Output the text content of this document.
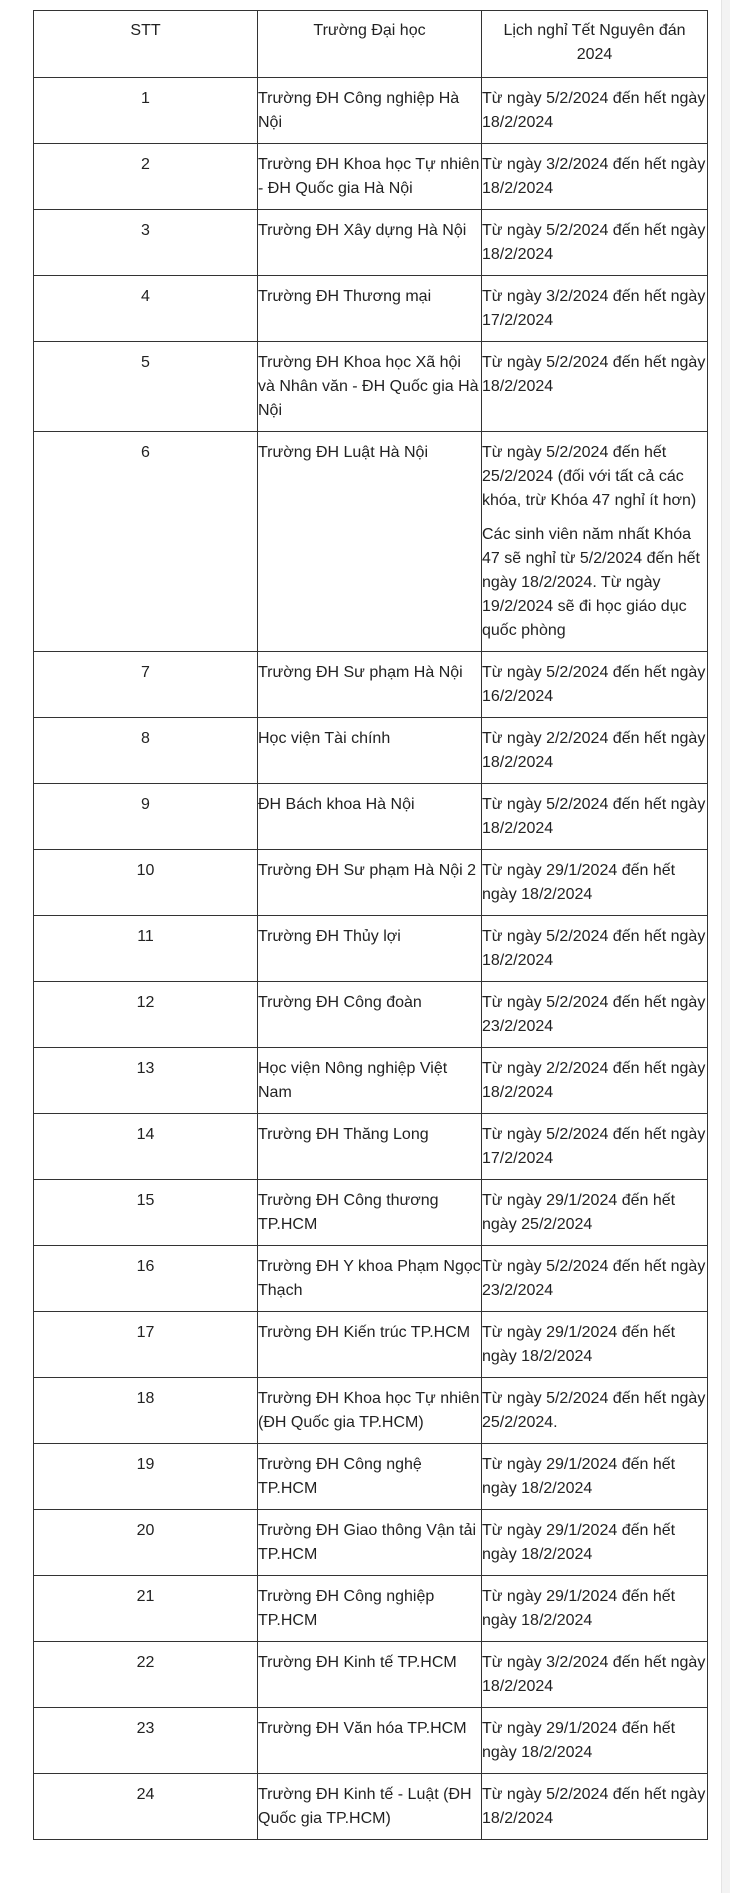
STT	Trường Đại học	Lịch nghỉ Tết Nguyên đán 2024
1	Trường ĐH Công nghiệp Hà Nội	Từ ngày 5/2/2024 đến hết ngày 18/2/2024

2	Trường ĐH Khoa học Tự nhiên - ĐH Quốc gia Hà Nội	Từ ngày 3/2/2024 đến hết ngày 18/2/2024

3	Trường ĐH Xây dựng Hà Nội	Từ ngày 5/2/2024 đến hết ngày 18/2/2024

4	Trường ĐH Thương mại	Từ ngày 3/2/2024 đến hết ngày 17/2/2024

5	Trường ĐH Khoa học Xã hội và Nhân văn - ĐH Quốc gia Hà Nội	Từ ngày 5/2/2024 đến hết ngày 18/2/2024

6	Trường ĐH Luật Hà Nội	Từ ngày 5/2/2024 đến hết 25/2/2024 (đối với tất cả các khóa, trừ Khóa 47 nghỉ ít hơn)

Các sinh viên năm nhất Khóa 47 sẽ nghỉ từ 5/2/2024 đến hết ngày 18/2/2024. Từ ngày 19/2/2024 sẽ đi học giáo dục quốc phòng

7	Trường ĐH Sư phạm Hà Nội	Từ ngày 5/2/2024 đến hết ngày 16/2/2024

8	Học viện Tài chính	Từ ngày 2/2/2024 đến hết ngày 18/2/2024

9	ĐH Bách khoa Hà Nội	Từ ngày 5/2/2024 đến hết ngày 18/2/2024

10	Trường ĐH Sư phạm Hà Nội 2	Từ ngày 29/1/2024 đến hết ngày 18/2/2024

11	Trường ĐH Thủy lợi	Từ ngày 5/2/2024 đến hết ngày 18/2/2024

12	Trường ĐH Công đoàn	Từ ngày 5/2/2024 đến hết ngày 23/2/2024

13	Học viện Nông nghiệp Việt Nam	Từ ngày 2/2/2024 đến hết ngày 18/2/2024

14	Trường ĐH Thăng Long	Từ ngày 5/2/2024 đến hết ngày 17/2/2024

15	Trường ĐH Công thương TP.HCM	Từ ngày 29/1/2024 đến hết ngày 25/2/2024

16	Trường ĐH Y khoa Phạm Ngọc Thạch	Từ ngày 5/2/2024 đến hết ngày 23/2/2024

17	Trường ĐH Kiến trúc TP.HCM	Từ ngày 29/1/2024 đến hết ngày 18/2/2024

18	Trường ĐH Khoa học Tự nhiên (ĐH Quốc gia TP.HCM)	Từ ngày 5/2/2024 đến hết ngày 25/2/2024.

19	Trường ĐH Công nghệ TP.HCM	Từ ngày 29/1/2024 đến hết ngày 18/2/2024

20	Trường ĐH Giao thông Vận tải TP.HCM	Từ ngày 29/1/2024 đến hết ngày 18/2/2024

21	Trường ĐH Công nghiệp TP.HCM	Từ ngày 29/1/2024 đến hết ngày 18/2/2024

22	Trường ĐH Kinh tế TP.HCM	Từ ngày 3/2/2024 đến hết ngày 18/2/2024

23	Trường ĐH Văn hóa TP.HCM	Từ ngày 29/1/2024 đến hết ngày 18/2/2024

24	Trường ĐH Kinh tế - Luật (ĐH Quốc gia TP.HCM)	Từ ngày 5/2/2024 đến hết ngày 18/2/2024
